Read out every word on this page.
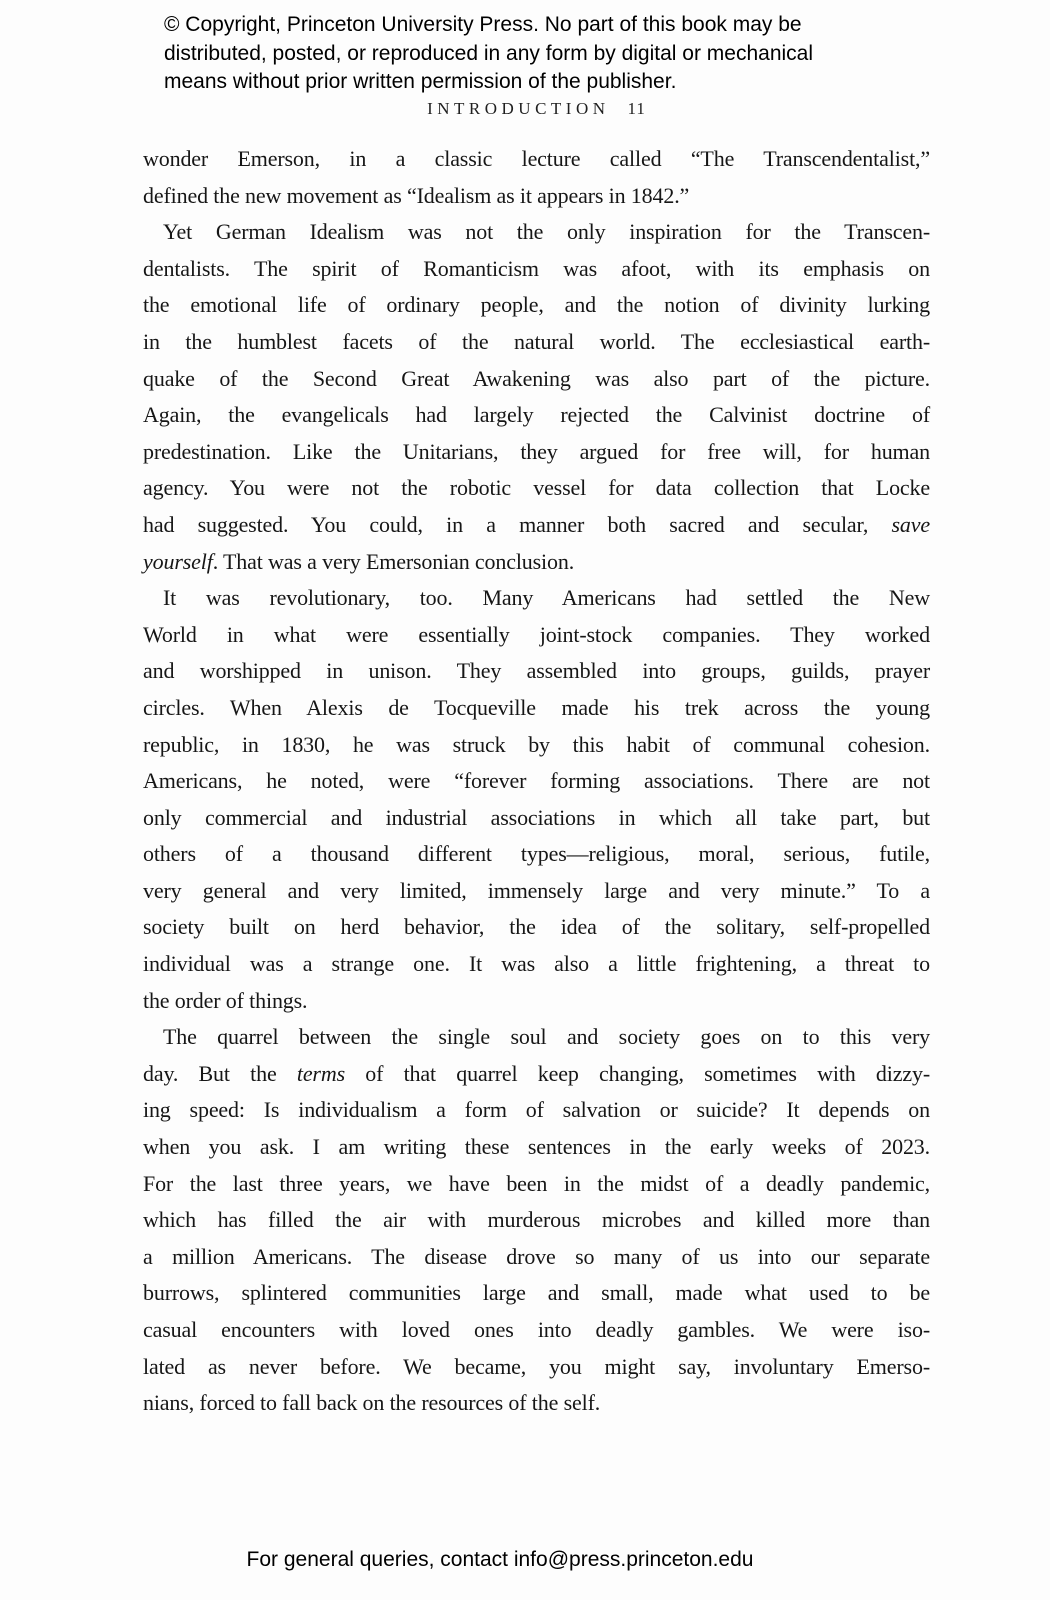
© Copyright, Princeton University Press. No part of this book may be
distributed, posted, or reproduced in any form by digital or mechanical
means without prior written permission of the publisher.
INTRODUCTION 11
wonder Emerson, in a classic lecture called “The Transcendentalist,”
defined the new movement as “Idealism as it appears in 1842.”
Yet German Idealism was not the only inspiration for the Transcen-
dentalists. The spirit of Romanticism was afoot, with its emphasis on
the emotional life of ordinary people, and the notion of divinity lurking
in the humblest facets of the natural world. The ecclesiastical earth-
quake of the Second Great Awakening was also part of the picture.
Again, the evangelicals had largely rejected the Calvinist doctrine of
predestination. Like the Unitarians, they argued for free will, for human
agency. You were not the robotic vessel for data collection that Locke
had suggested. You could, in a manner both sacred and secular, save
yourself. That was a very Emersonian conclusion.
It was revolutionary, too. Many Americans had settled the New
World in what were essentially joint-stock companies. They worked
and worshipped in unison. They assembled into groups, guilds, prayer
circles. When Alexis de Tocqueville made his trek across the young
republic, in 1830, he was struck by this habit of communal cohesion.
Americans, he noted, were “forever forming associations. There are not
only commercial and industrial associations in which all take part, but
others of a thousand different types—religious, moral, serious, futile,
very general and very limited, immensely large and very minute.” To a
society built on herd behavior, the idea of the solitary, self-propelled
individual was a strange one. It was also a little frightening, a threat to
the order of things.
The quarrel between the single soul and society goes on to this very
day. But the terms of that quarrel keep changing, sometimes with dizzy-
ing speed: Is individualism a form of salvation or suicide? It depends on
when you ask. I am writing these sentences in the early weeks of 2023.
For the last three years, we have been in the midst of a deadly pandemic,
which has filled the air with murderous microbes and killed more than
a million Americans. The disease drove so many of us into our separate
burrows, splintered communities large and small, made what used to be
casual encounters with loved ones into deadly gambles. We were iso-
lated as never before. We became, you might say, involuntary Emerso-
nians, forced to fall back on the resources of the self.
For general queries, contact info@press.princeton.edu
